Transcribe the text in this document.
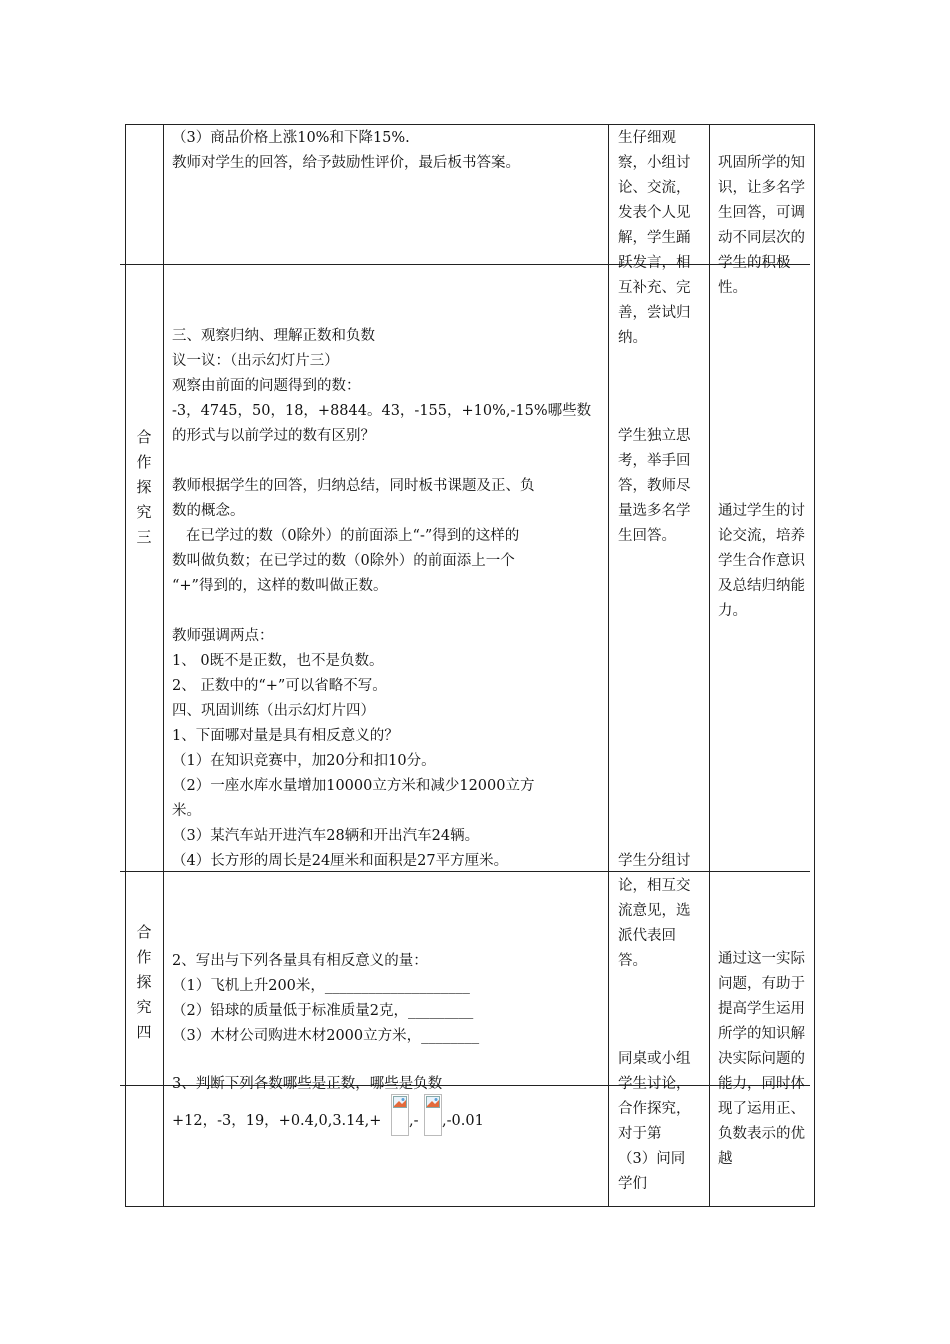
合作探究三
合作探究四
（3）商品价格上涨10%和下降15%.
教师对学生的回答，给予鼓励性评价，最后板书答案。
三、观察归纳、理解正数和负数
议一议：（出示幻灯片三）
观察由前面的问题得到的数：
-3，4745，50，18，+8844。43，-155，+10%,-15%哪些数
的形式与以前学过的数有区别？
教师根据学生的回答，归纳总结，同时板书课题及正、负
数的概念。
在已学过的数（0除外）的前面添上“-”得到的这样的
数叫做负数；在已学过的数（0除外）的前面添上一个
“+”得到的，这样的数叫做正数。
教师强调两点：
1、 0既不是正数，也不是负数。
2、 正数中的“+”可以省略不写。
四、巩固训练（出示幻灯片四）
1、下面哪对量是具有相反意义的？
（1）在知识竞赛中，加20分和扣10分。
（2）一座水库水量增加10000立方米和减少12000立方
米。
（3）某汽车站开进汽车28辆和开出汽车24辆。
（4）长方形的周长是24厘米和面积是27平方厘米。
2、写出与下列各量具有相反意义的量：
（1）飞机上升200米，____________________
（2）铅球的质量低于标准质量2克，_________
（3）木材公司购进木材2000立方米，________
3、判断下列各数哪些是正数，哪些是负数
+12，-3，19，+0.4,0,3.14,+ ,- ,-0.01
生仔细观察，小组讨论、交流，发表个人见解，学生踊跃发言，相互补充、完善，尝试归纳。
学生独立思考，举手回答，教师尽量选多名学生回答。
学生分组讨论，相互交流意见，选派代表回答。
同桌或小组学生讨论，合作探究，对于第（3）问同学们
巩固所学的知识，让多名学生回答，可调动不同层次的学生的积极性。
通过学生的讨论交流，培养学生合作意识及总结归纳能力。
通过这一实际问题，有助于提高学生运用所学的知识解决实际问题的能力，同时体现了运用正、负数表示的优越
